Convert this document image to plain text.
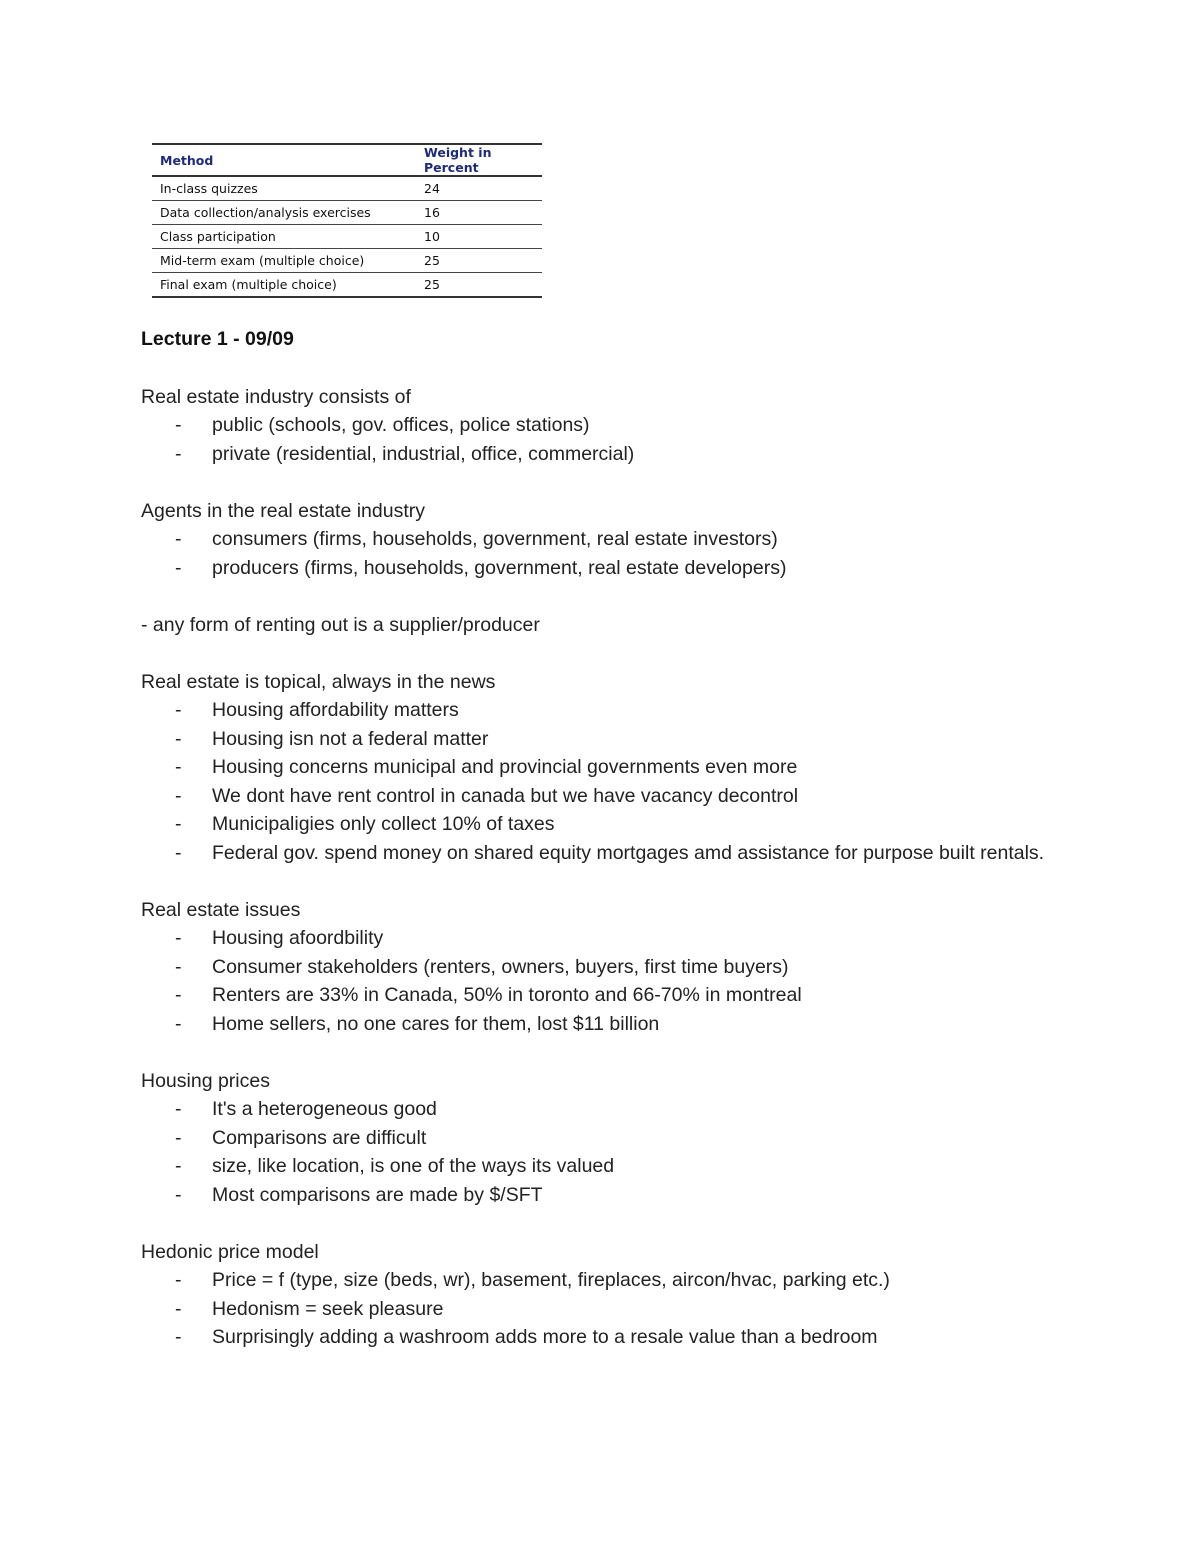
Method	Weight in Percent
In-class quizzes	24
Data collection/analysis exercises	16
Class participation	10
Mid-term exam (multiple choice)	25
Final exam (multiple choice)	25

Lecture 1 - 09/09

Real estate industry consists of

- public (schools, gov. offices, police stations)
- private (residential, industrial, office, commercial)

Agents in the real estate industry

- consumers (firms, households, government, real estate investors)
- producers (firms, households, government, real estate developers)

- any form of renting out is a supplier/producer

Real estate is topical, always in the news

- Housing affordability matters
- Housing isn not a federal matter
- Housing concerns municipal and provincial governments even more
- We dont have rent control in canada but we have vacancy decontrol
- Municipaligies only collect 10% of taxes
- Federal gov. spend money on shared equity mortgages amd assistance for purpose built rentals.

Real estate issues

- Housing afoordbility
- Consumer stakeholders (renters, owners, buyers, first time buyers)
- Renters are 33% in Canada, 50% in toronto and 66-70% in montreal
- Home sellers, no one cares for them, lost $11 billion

Housing prices

- It's a heterogeneous good
- Comparisons are difficult
- size, like location, is one of the ways its valued
- Most comparisons are made by $/SFT

Hedonic price model

- Price = f (type, size (beds, wr), basement, fireplaces, aircon/hvac, parking etc.)
- Hedonism = seek pleasure
- Surprisingly adding a washroom adds more to a resale value than a bedroom
